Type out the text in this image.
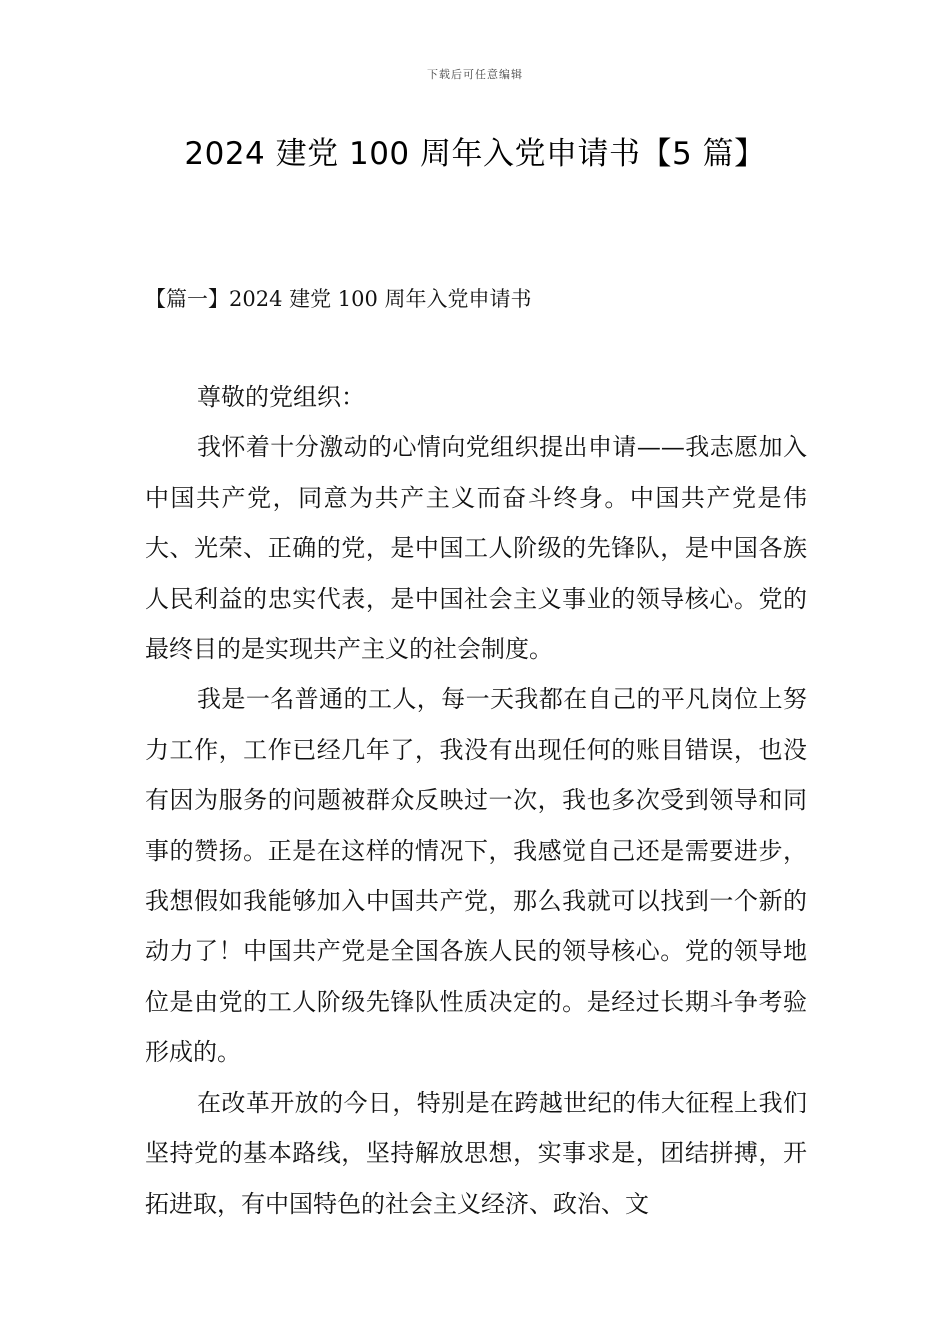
下载后可任意编辑
2024 建党 100 周年入党申请书【5 篇】
【篇一】2024 建党 100 周年入党申请书

尊敬的党组织：

我怀着十分激动的心情向党组织提出申请——我志愿加入中国共产党，同意为共产主义而奋斗终身。中国共产党是伟大、光荣、正确的党，是中国工人阶级的先锋队，是中国各族人民利益的忠实代表，是中国社会主义事业的领导核心。党的最终目的是实现共产主义的社会制度。

我是一名普通的工人，每一天我都在自己的平凡岗位上努力工作，工作已经几年了，我没有出现任何的账目错误，也没有因为服务的问题被群众反映过一次，我也多次受到领导和同事的赞扬。正是在这样的情况下，我感觉自己还是需要进步，我想假如我能够加入中国共产党，那么我就可以找到一个新的动力了！中国共产党是全国各族人民的领导核心。党的领导地位是由党的工人阶级先锋队性质决定的。是经过长期斗争考验形成的。

在改革开放的今日，特别是在跨越世纪的伟大征程上我们坚持党的基本路线，坚持解放思想，实事求是，团结拼搏，开拓进取，有中国特色的社会主义经济、政治、文
